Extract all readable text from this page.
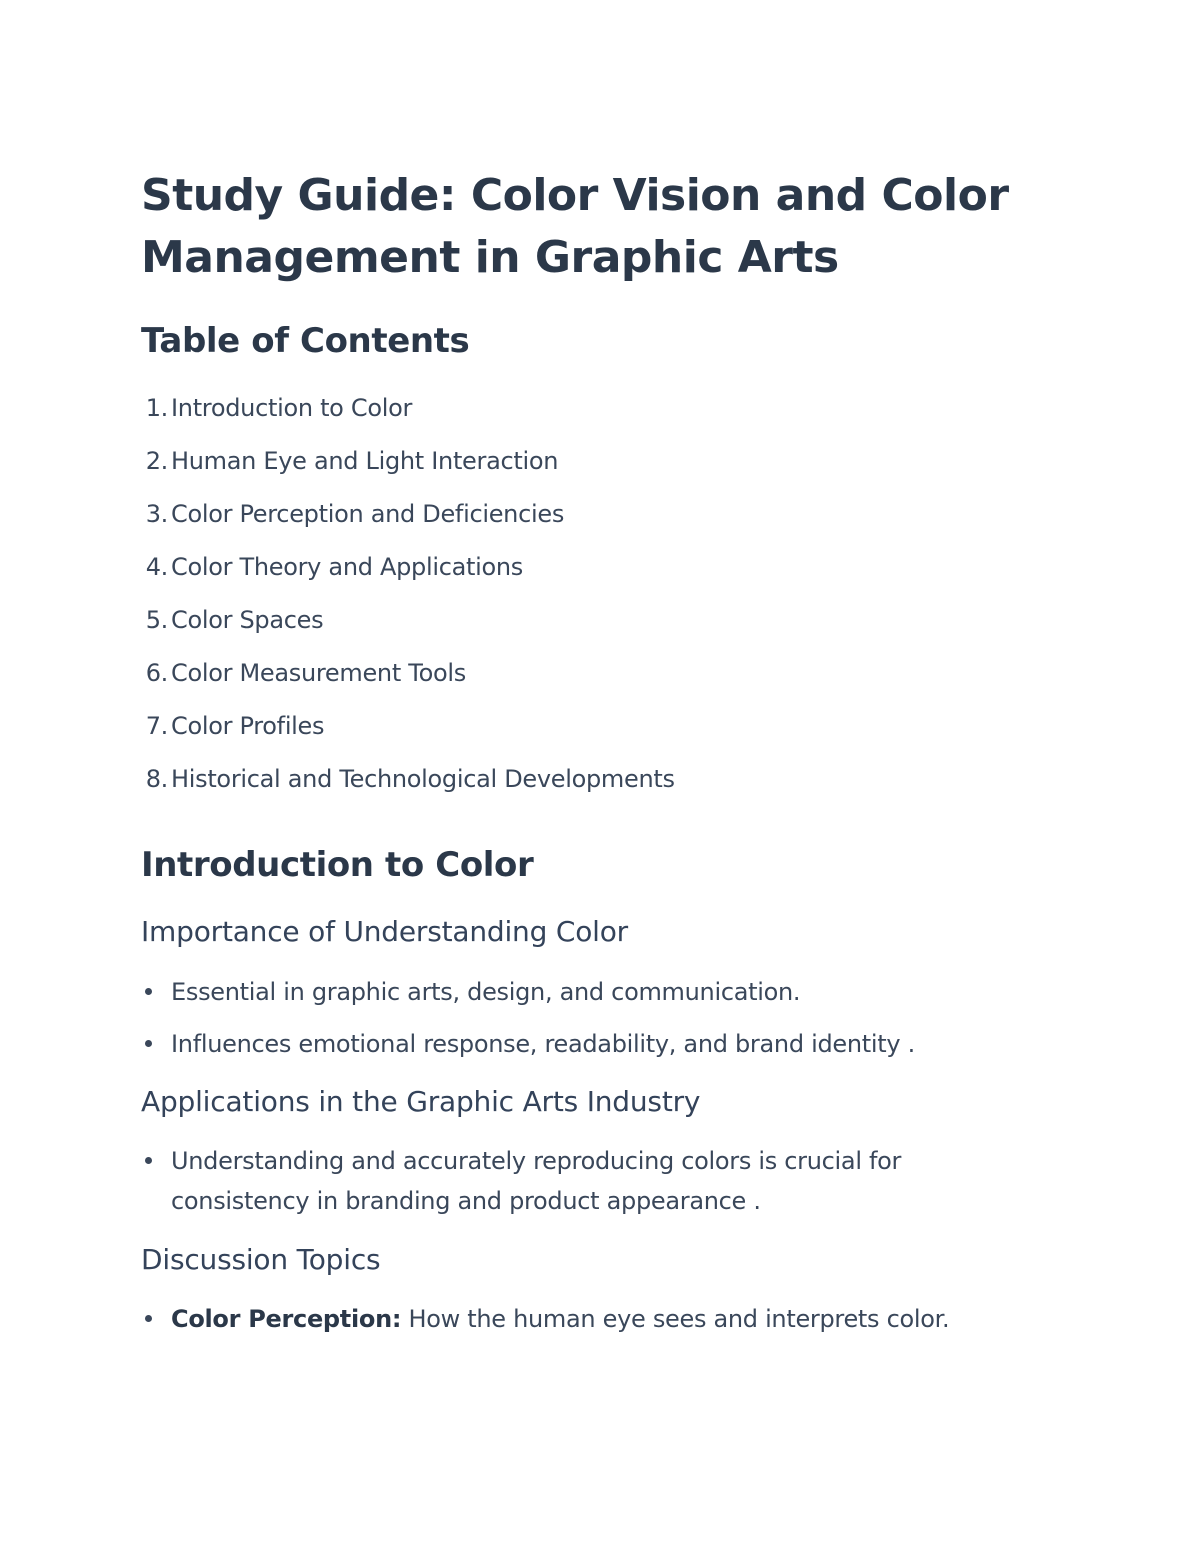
Study Guide: Color Vision and Color
Management in Graphic Arts
Table of Contents
1. Introduction to Color
2. Human Eye and Light Interaction
3. Color Perception and Deficiencies
4. Color Theory and Applications
5. Color Spaces
6. Color Measurement Tools
7. Color Profiles
8. Historical and Technological Developments
Introduction to Color
Importance of Understanding Color
Essential in graphic arts, design, and communication.
Influences emotional response, readability, and brand identity .
Applications in the Graphic Arts Industry
Understanding and accurately reproducing colors is crucial for
consistency in branding and product appearance .
Discussion Topics
Color Perception: How the human eye sees and interprets color.
